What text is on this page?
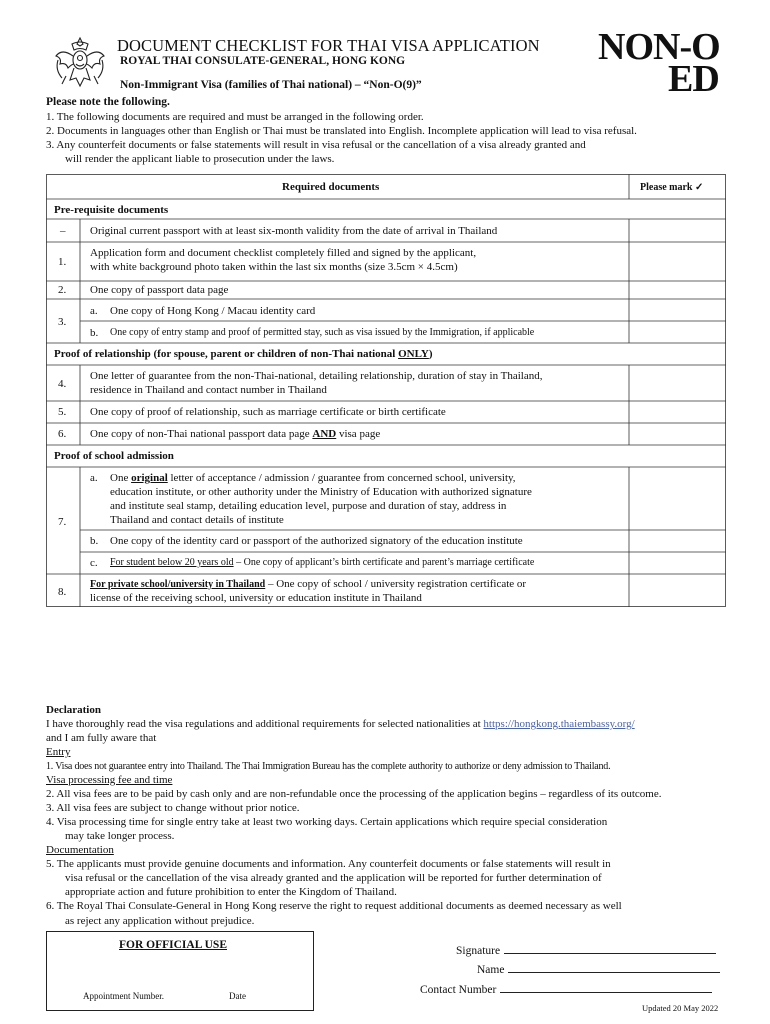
DOCUMENT CHECKLIST FOR THAI VISA APPLICATION
ROYAL THAI CONSULATE-GENERAL, HONG KONG
Non-Immigrant Visa (families of Thai national) – “Non-O(9)”
NON-O
ED
Please note the following.
1. The following documents are required and must be arranged in the following order.
2. Documents in languages other than English or Thai must be translated into English. Incomplete application will lead to visa refusal.
3. Any counterfeit documents or false statements will result in visa refusal or the cancellation of a visa already granted and
will render the applicant liable to prosecution under the laws.
Required documents	Please mark ✓
Pre-requisite documents
– Original current passport with at least six-month validity from the date of arrival in Thailand
1.
Application form and document checklist completely filled and signed by the applicant,
with white background photo taken within the last six months (size 3.5cm × 4.5cm)
2. One copy of passport data page
3.
a. One copy of Hong Kong / Macau identity card
b. One copy of entry stamp and proof of permitted stay, such as visa issued by the Immigration, if applicable
Proof of relationship (for spouse, parent or children of non-Thai national ONLY)
4.
One letter of guarantee from the non-Thai-national, detailing relationship, duration of stay in Thailand,
residence in Thailand and contact number in Thailand
5. One copy of proof of relationship, such as marriage certificate or birth certificate
6. One copy of non-Thai national passport data page AND visa page
Proof of school admission
7.
a. One original letter of acceptance / admission / guarantee from concerned school, university,
education institute, or other authority under the Ministry of Education with authorized signature
and institute seal stamp, detailing education level, purpose and duration of stay, address in
Thailand and contact details of institute
b. One copy of the identity card or passport of the authorized signatory of the education institute
c. For student below 20 years old – One copy of applicant’s birth certificate and parent’s marriage certificate
8.
For private school/university in Thailand – One copy of school / university registration certificate or
license of the receiving school, university or education institute in Thailand
Declaration
I have thoroughly read the visa regulations and additional requirements for selected nationalities at https://hongkong.thaiembassy.org/
and I am fully aware that
Entry
1. Visa does not guarantee entry into Thailand. The Thai Immigration Bureau has the complete authority to authorize or deny admission to Thailand.
Visa processing fee and time
2. All visa fees are to be paid by cash only and are non-refundable once the processing of the application begins – regardless of its outcome.
3. All visa fees are subject to change without prior notice.
4. Visa processing time for single entry take at least two working days. Certain applications which require special consideration
may take longer process.
Documentation
5. The applicants must provide genuine documents and information. Any counterfeit documents or false statements will result in
visa refusal or the cancellation of the visa already granted and the application will be reported for further determination of
appropriate action and future prohibition to enter the Kingdom of Thailand.
6. The Royal Thai Consulate-General in Hong Kong reserve the right to request additional documents as deemed necessary as well
as reject any application without prejudice.
FOR OFFICIAL USE
Appointment Number.	Date
Signature
Name
Contact Number
Updated 20 May 2022
